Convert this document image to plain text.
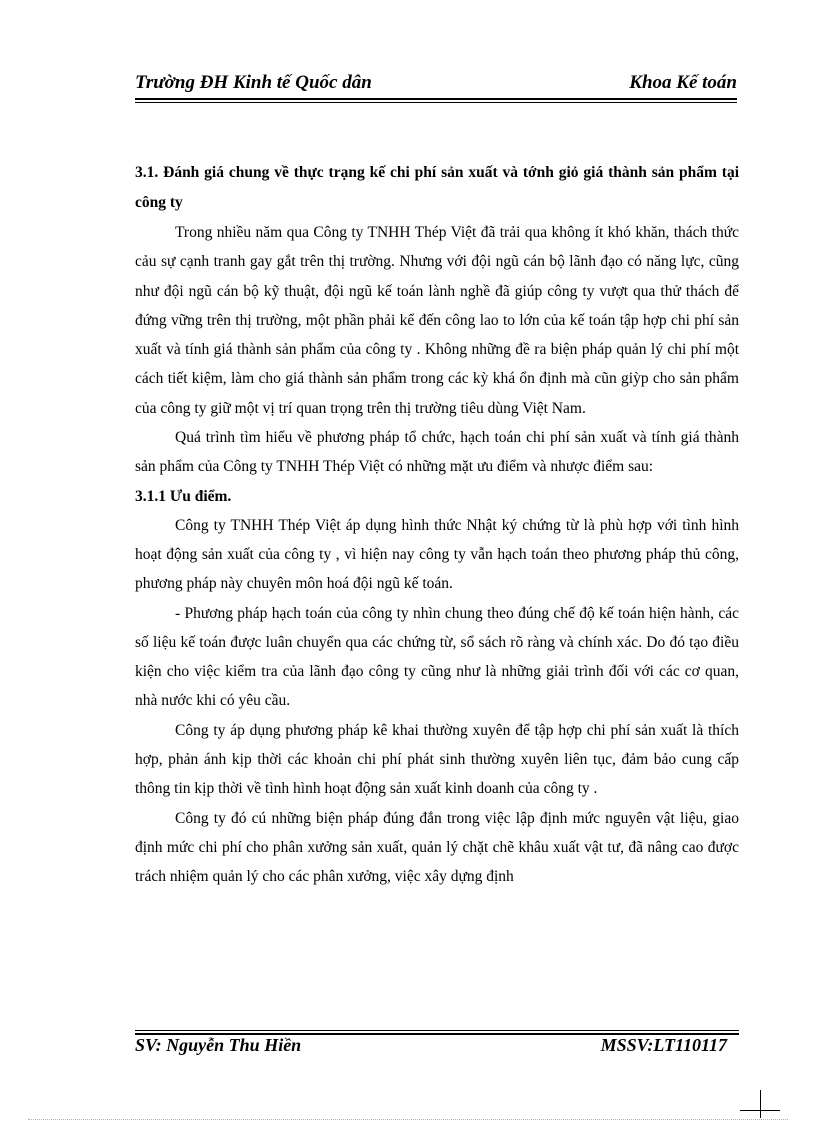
Trường ĐH Kinh tế Quốc dân	Khoa Kế toán
3.1. Đánh giá chung về thực trạng kế chi phí sản xuất và tớnh giỏ giá thành sản phẩm tại công ty

Trong nhiều năm qua Công ty TNHH Thép Việt đã trải qua không ít khó khăn, thách thức cảu sự cạnh tranh gay gắt trên thị trường. Nhưng với đội ngũ cán bộ lãnh đạo có năng lực, cũng như đội ngũ cán bộ kỹ thuật, đội ngũ kế toán lành nghề đã giúp công ty vượt qua thử thách để đứng vững trên thị trường, một phần phải kể đến công lao to lớn của kế toán tập hợp chi phí sản xuất và tính giá thành sản phẩm của công ty . Không những đề ra biện pháp quản lý chi phí một cách tiết kiệm, làm cho giá thành sản phẩm trong các kỳ khá ổn định mà cũn giỳp cho sản phẩm của công ty giữ một vị trí quan trọng trên thị trường tiêu dùng Việt Nam.

Quá trình tìm hiểu về phương pháp tổ chức, hạch toán chi phí sản xuất và tính giá thành sản phẩm của Công ty TNHH Thép Việt có những mặt ưu điểm và nhược điểm sau:

3.1.1 Ưu điểm.

Công ty TNHH Thép Việt áp dụng hình thức Nhật ký chứng từ là phù hợp với tình hình hoạt động sản xuất của công ty , vì hiện nay công ty vẫn hạch toán theo phương pháp thủ công, phương pháp này chuyên môn hoá đội ngũ kế toán.

- Phương pháp hạch toán của công ty nhìn chung theo đúng chế độ kế toán hiện hành, các số liệu kế toán được luân chuyển qua các chứng từ, sổ sách rõ ràng và chính xác. Do đó tạo điều kiện cho việc kiểm tra của lãnh đạo công ty cũng như là những giải trình đối với các cơ quan, nhà nước khi có yêu cầu.

Công ty áp dụng phương pháp kê khai thường xuyên để tập hợp chi phí sản xuất là thích hợp, phản ánh kịp thời các khoản chi phí phát sinh thường xuyên liên tục, đảm bảo cung cấp thông tin kịp thời về tình hình hoạt động sản xuất kinh doanh của công ty .

Công ty đó cú những biện pháp đúng đắn trong việc lập định mức nguyên vật liệu, giao định mức chi phí cho phân xưởng sản xuất, quản lý chặt chẽ khâu xuất vật tư, đã nâng cao được trách nhiệm quản lý cho các phân xưởng, việc xây dựng định

SV: Nguyễn Thu Hiền	MSSV:LT110117
